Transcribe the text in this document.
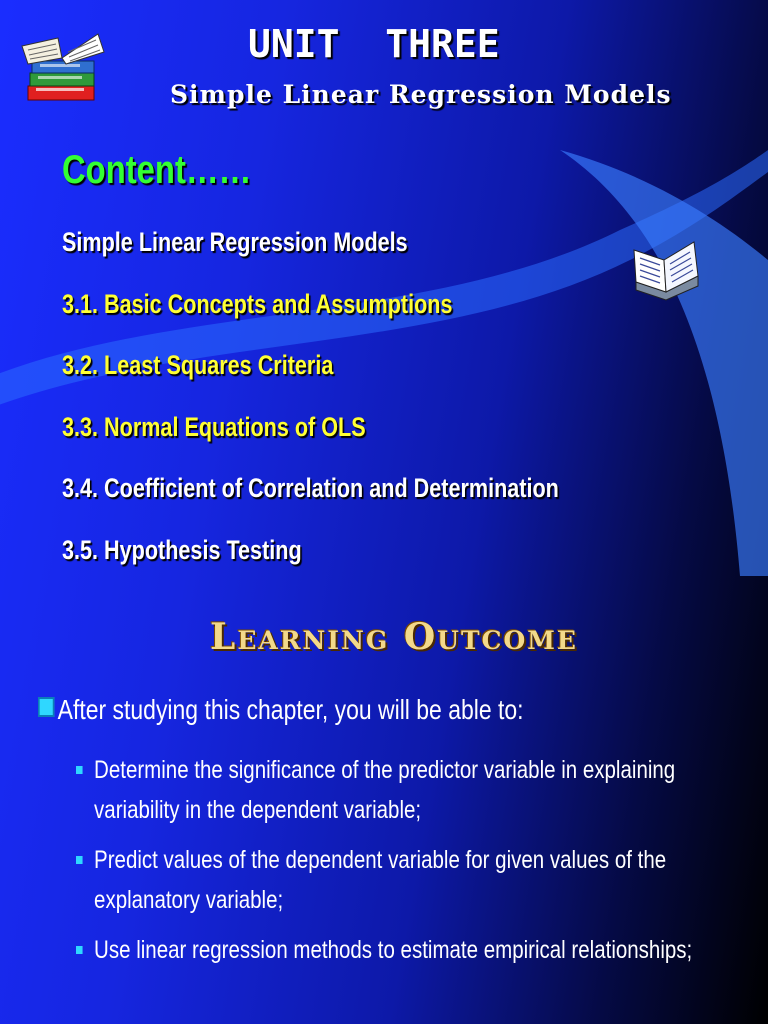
UNIT  THREE
Simple Linear Regression Models
Content……
Simple Linear Regression Models
3.1. Basic Concepts and Assumptions
3.2. Least Squares Criteria
3.3. Normal Equations of OLS
3.4. Coefficient of Correlation and Determination
3.5. Hypothesis Testing
Learning Outcome
After studying this chapter, you will be able to:
Determine the significance of the predictor variable in explaining variability in the dependent variable;
Predict values of the dependent variable for given values of the explanatory variable;
Use linear regression methods to estimate empirical relationships;
